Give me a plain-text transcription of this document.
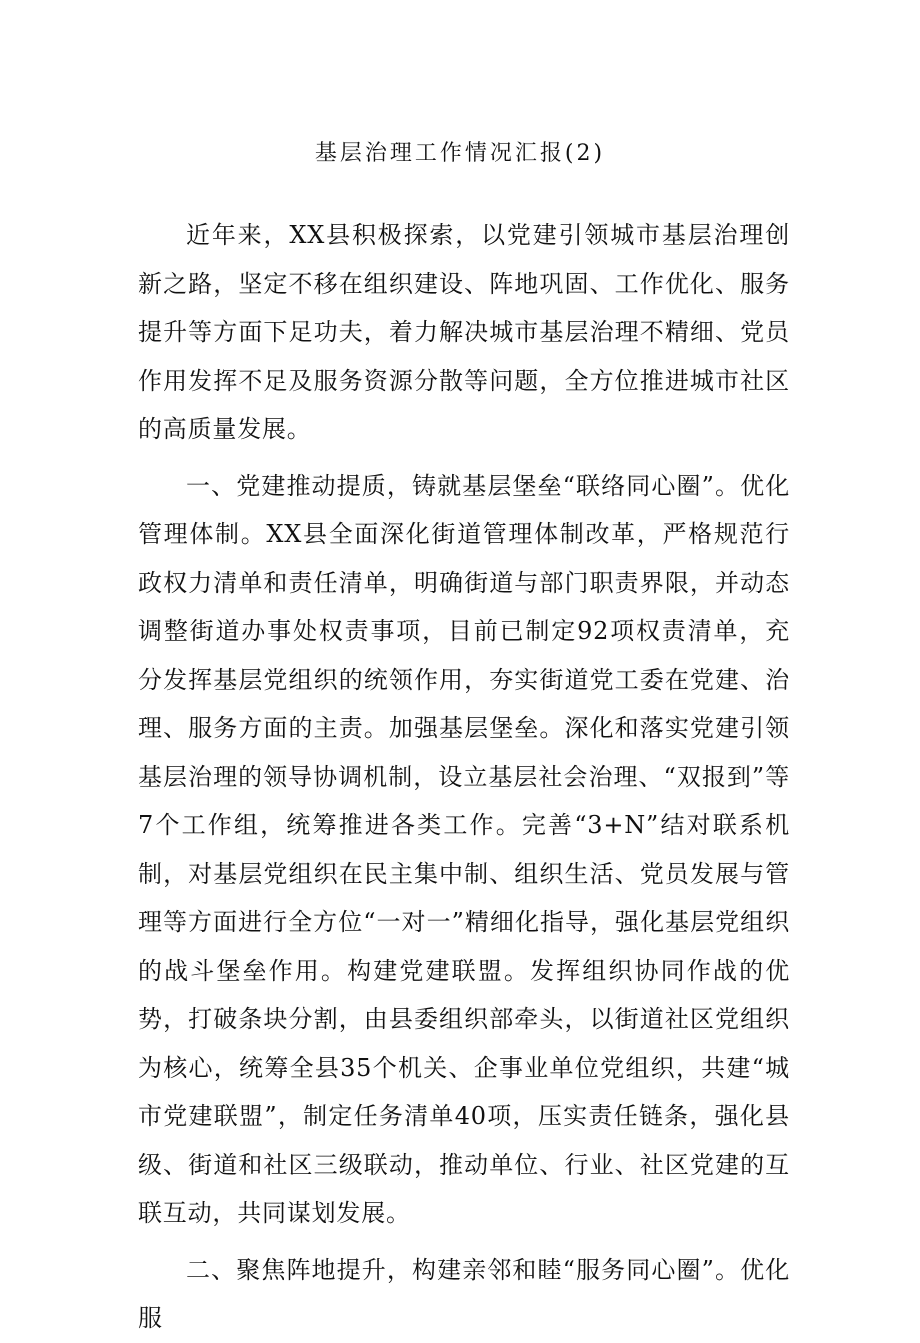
基层治理工作情况汇报(2)

近年来，XX县积极探索，以党建引领城市基层治理创新之路，坚定不移在组织建设、阵地巩固、工作优化、服务提升等方面下足功夫，着力解决城市基层治理不精细、党员作用发挥不足及服务资源分散等问题，全方位推进城市社区的高质量发展。

一、党建推动提质，铸就基层堡垒“联络同心圈”。优化管理体制。XX县全面深化街道管理体制改革，严格规范行政权力清单和责任清单，明确街道与部门职责界限，并动态调整街道办事处权责事项，目前已制定92项权责清单，充分发挥基层党组织的统领作用，夯实街道党工委在党建、治理、服务方面的主责。加强基层堡垒。深化和落实党建引领基层治理的领导协调机制，设立基层社会治理、“双报到”等7个工作组，统筹推进各类工作。完善“3+N”结对联系机制，对基层党组织在民主集中制、组织生活、党员发展与管理等方面进行全方位“一对一”精细化指导，强化基层党组织的战斗堡垒作用。构建党建联盟。发挥组织协同作战的优势，打破条块分割，由县委组织部牵头，以街道社区党组织为核心，统筹全县35个机关、企事业单位党组织，共建“城市党建联盟”，制定任务清单40项，压实责任链条，强化县级、街道和社区三级联动，推动单位、行业、社区党建的互联互动，共同谋划发展。

二、聚焦阵地提升，构建亲邻和睦“服务同心圈”。优化服
